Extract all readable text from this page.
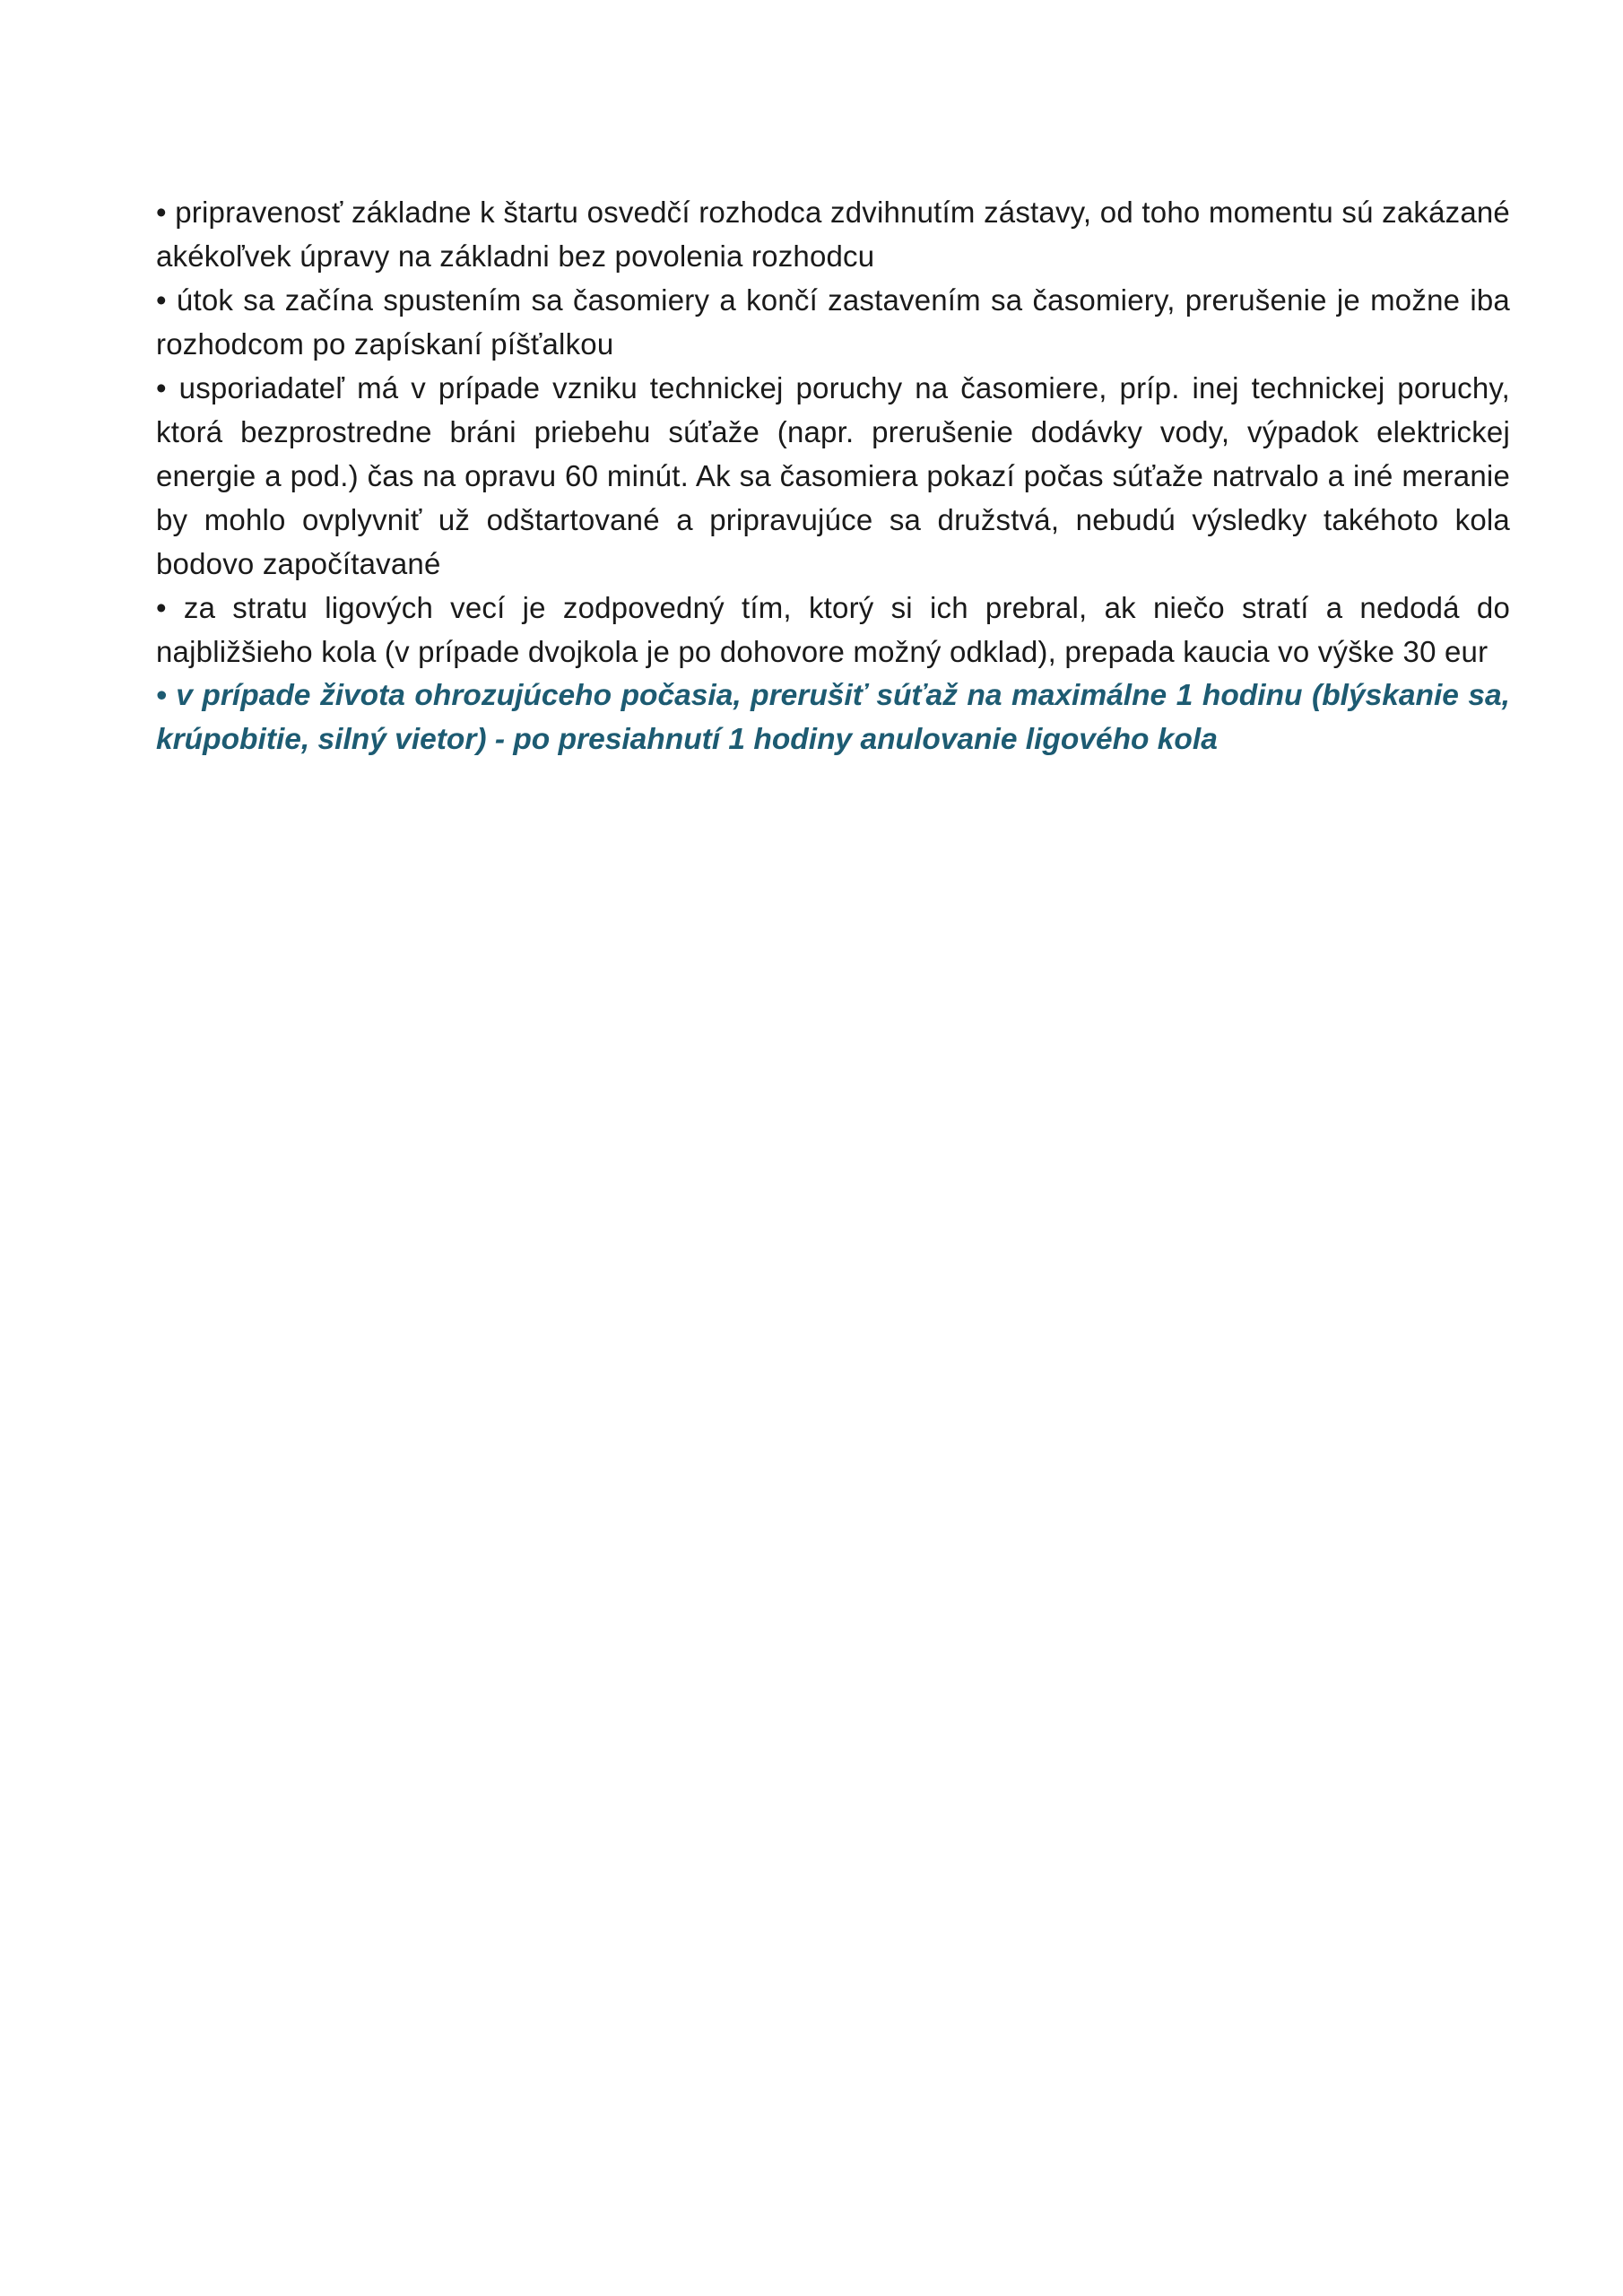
• pripravenosť základne k štartu osvedčí rozhodca zdvihnutím zástavy, od toho momentu sú zakázané akékoľvek úpravy na základni bez povolenia rozhodcu

• útok sa začína spustením sa časomiery a končí zastavením sa časomiery, prerušenie je možne iba rozhodcom po zapískaní píšťalkou

• usporiadateľ má v prípade vzniku technickej poruchy na časomiere, príp. inej technickej poruchy, ktorá bezprostredne bráni priebehu súťaže (napr. prerušenie dodávky vody, výpadok elektrickej energie a pod.) čas na opravu 60 minút. Ak sa časomiera pokazí počas súťaže natrvalo a iné meranie by mohlo ovplyvniť už odštartované a pripravujúce sa družstvá, nebudú výsledky takéhoto kola bodovo započítavané

• za stratu ligových vecí je zodpovedný tím, ktorý si ich prebral, ak niečo stratí a nedodá do najbližšieho kola (v prípade dvojkola je po dohovore možný odklad), prepada kaucia vo výške 30 eur

• v prípade života ohrozujúceho počasia, prerušiť súťaž na maximálne 1 hodinu (blýskanie sa, krúpobitie, silný vietor) - po presiahnutí 1 hodiny anulovanie ligového kola
